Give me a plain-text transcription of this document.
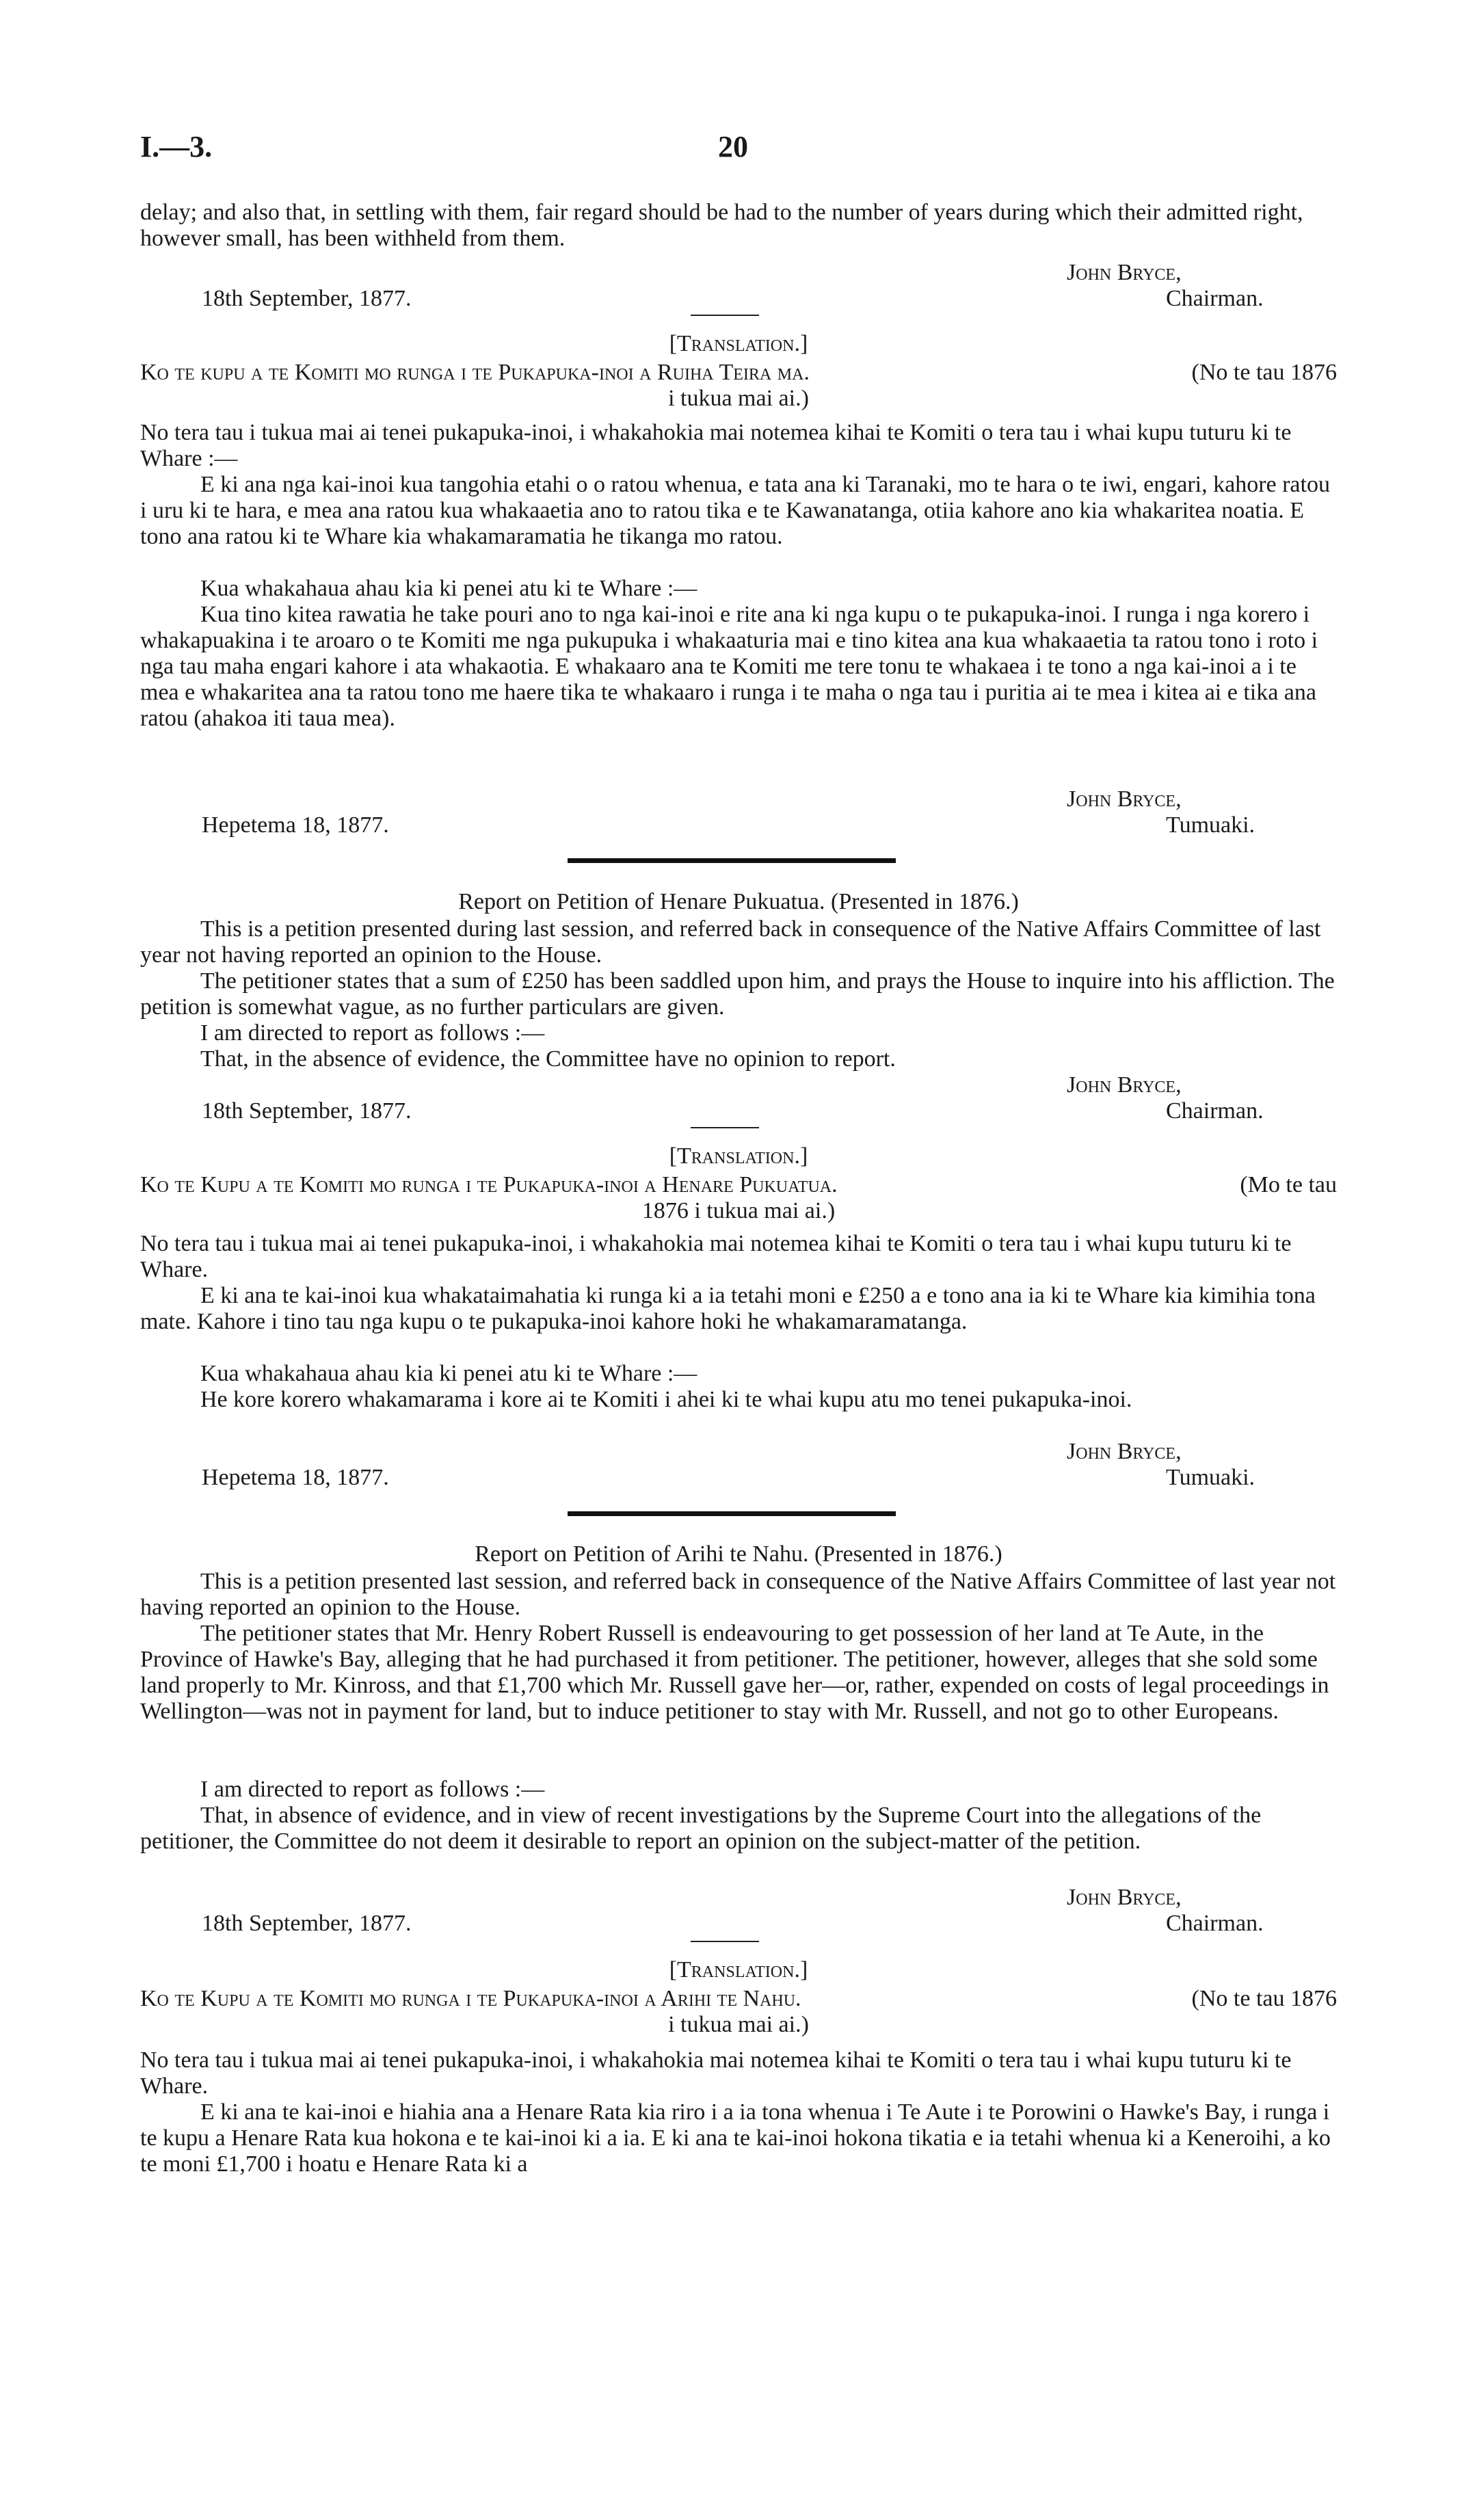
I.—3.	20

delay; and also that, in settling with them, fair regard should be had to the number of years during which their admitted right, however small, has been withheld from them.

John Bryce,

Chairman.

18th September, 1877.

[Translation.]

Ko te kupu a te Komiti mo runga i te Pukapuka-inoi a Ruiha Teira ma.	(No te tau 1876

i tukua mai ai.)

No tera tau i tukua mai ai tenei pukapuka-inoi, i whakahokia mai notemea kihai te Komiti o tera tau i whai kupu tuturu ki te Whare :—

E ki ana nga kai-inoi kua tangohia etahi o o ratou whenua, e tata ana ki Taranaki, mo te hara o te iwi, engari, kahore ratou i uru ki te hara, e mea ana ratou kua whakaaetia ano to ratou tika e te Kawanatanga, otiia kahore ano kia whakaritea noatia. E tono ana ratou ki te Whare kia whakamaramatia he tikanga mo ratou.

Kua whakahaua ahau kia ki penei atu ki te Whare :—

Kua tino kitea rawatia he take pouri ano to nga kai-inoi e rite ana ki nga kupu o te pukapuka-inoi. I runga i nga korero i whakapuakina i te aroaro o te Komiti me nga pukupuka i whakaaturia mai e tino kitea ana kua whakaaetia ta ratou tono i roto i nga tau maha engari kahore i ata whakaotia. E whakaaro ana te Komiti me tere tonu te whakaea i te tono a nga kai-inoi a i te mea e whakaritea ana ta ratou tono me haere tika te whakaaro i runga i te maha o nga tau i puritia ai te mea i kitea ai e tika ana ratou (ahakoa iti taua mea).

John Bryce,

Tumuaki.

Hepetema 18, 1877.

Report on Petition of Henare Pukuatua. (Presented in 1876.)

This is a petition presented during last session, and referred back in consequence of the Native Affairs Committee of last year not having reported an opinion to the House.

The petitioner states that a sum of £250 has been saddled upon him, and prays the House to inquire into his affliction. The petition is somewhat vague, as no further particulars are given.

I am directed to report as follows :—

That, in the absence of evidence, the Committee have no opinion to report.

John Bryce,

Chairman.

18th September, 1877.

[Translation.]

Ko te Kupu a te Komiti mo runga i te Pukapuka-inoi a Henare Pukuatua.	(Mo te tau

1876 i tukua mai ai.)

No tera tau i tukua mai ai tenei pukapuka-inoi, i whakahokia mai notemea kihai te Komiti o tera tau i whai kupu tuturu ki te Whare.

E ki ana te kai-inoi kua whakataimahatia ki runga ki a ia tetahi moni e £250 a e tono ana ia ki te Whare kia kimihia tona mate. Kahore i tino tau nga kupu o te pukapuka-inoi kahore hoki he whakamaramatanga.

Kua whakahaua ahau kia ki penei atu ki te Whare :—

He kore korero whakamarama i kore ai te Komiti i ahei ki te whai kupu atu mo tenei pukapuka-inoi.

John Bryce,

Tumuaki.

Hepetema 18, 1877.

Report on Petition of Arihi te Nahu. (Presented in 1876.)

This is a petition presented last session, and referred back in consequence of the Native Affairs Committee of last year not having reported an opinion to the House.

The petitioner states that Mr. Henry Robert Russell is endeavouring to get possession of her land at Te Aute, in the Province of Hawke's Bay, alleging that he had purchased it from petitioner. The petitioner, however, alleges that she sold some land properly to Mr. Kinross, and that £1,700 which Mr. Russell gave her—or, rather, expended on costs of legal proceedings in Wellington—was not in payment for land, but to induce petitioner to stay with Mr. Russell, and not go to other Europeans.

I am directed to report as follows :—

That, in absence of evidence, and in view of recent investigations by the Supreme Court into the allegations of the petitioner, the Committee do not deem it desirable to report an opinion on the subject-matter of the petition.

John Bryce,

Chairman.

18th September, 1877.

[Translation.]

Ko te Kupu a te Komiti mo runga i te Pukapuka-inoi a Arihi te Nahu.	(No te tau 1876

i tukua mai ai.)

No tera tau i tukua mai ai tenei pukapuka-inoi, i whakahokia mai notemea kihai te Komiti o tera tau i whai kupu tuturu ki te Whare.

E ki ana te kai-inoi e hiahia ana a Henare Rata kia riro i a ia tona whenua i Te Aute i te Porowini o Hawke's Bay, i runga i te kupu a Henare Rata kua hokona e te kai-inoi ki a ia. E ki ana te kai-inoi hokona tikatia e ia tetahi whenua ki a Keneroihi, a ko te moni £1,700 i hoatu e Henare Rata ki a
